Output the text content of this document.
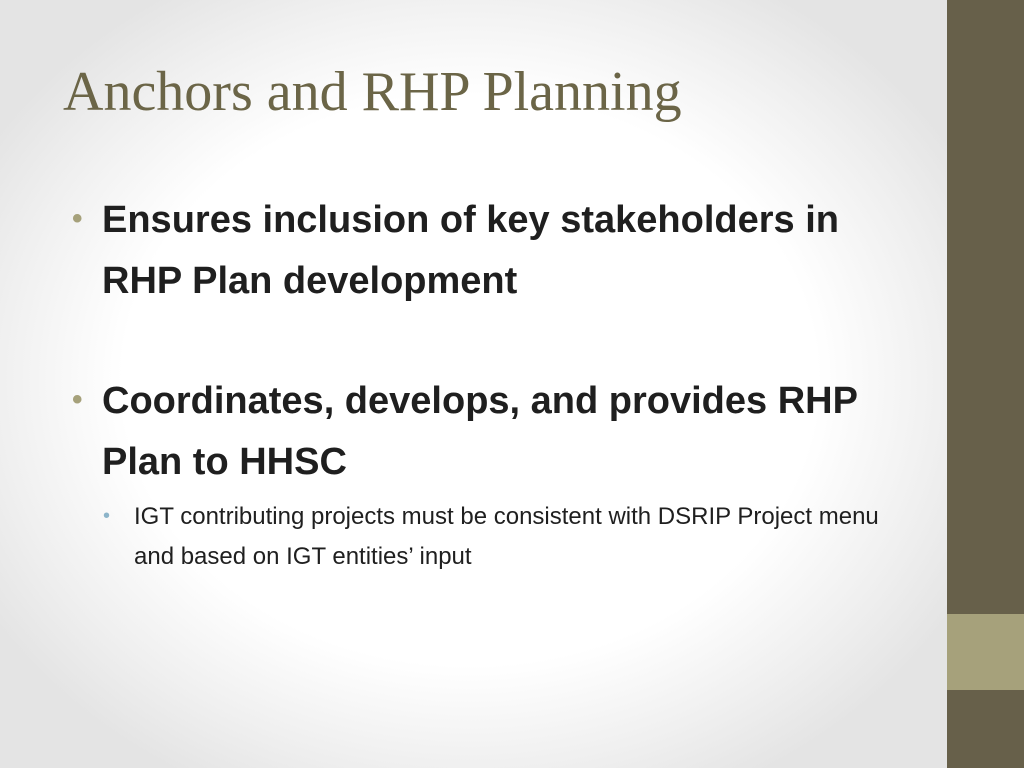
Anchors and RHP Planning
• Ensures inclusion of key stakeholders in RHP Plan development
• Coordinates, develops, and provides RHP Plan to HHSC
• IGT contributing projects must be consistent with DSRIP Project menu and based on IGT entities’ input
